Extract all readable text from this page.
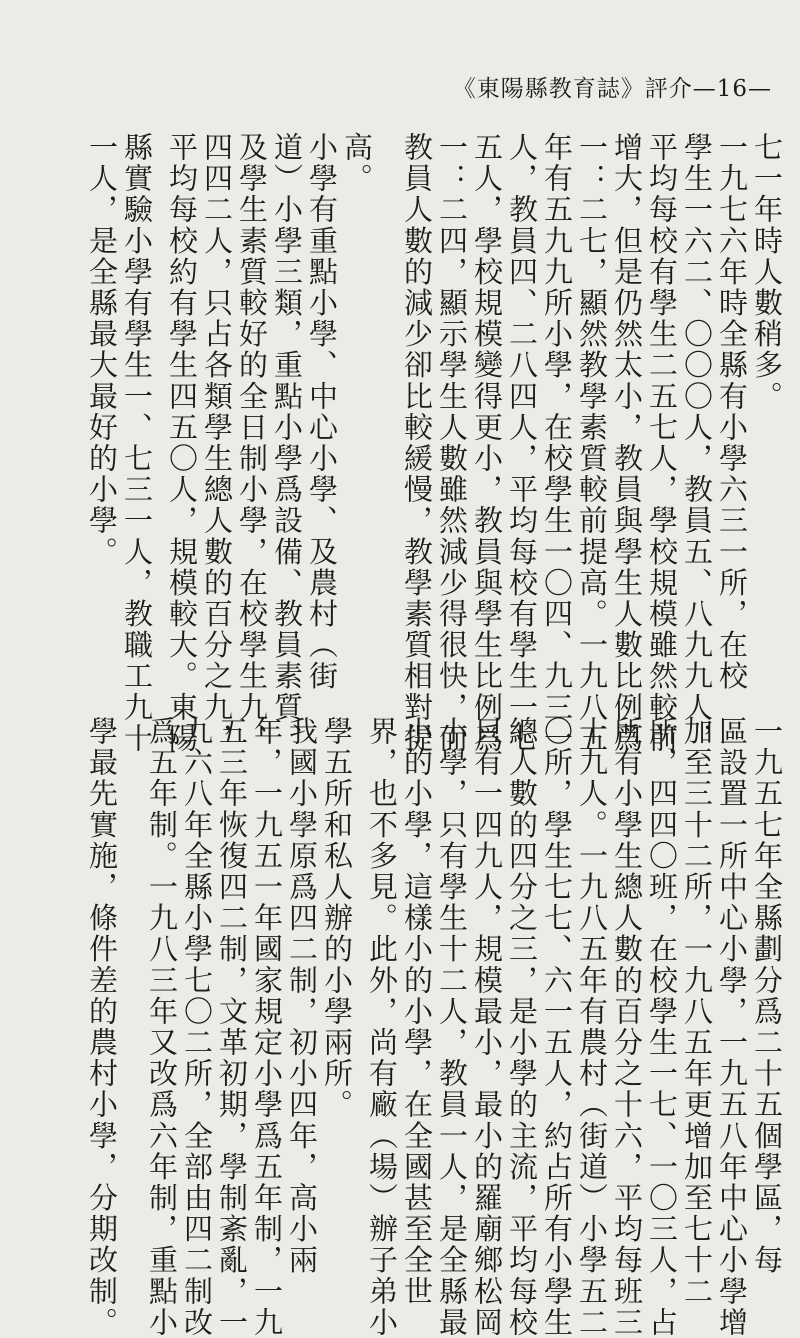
《東陽縣教育誌》評介—16—
七一年時人數稍多。
一九七六年時全縣有小學六三一所，在校
學生一六二、〇〇〇人，教員五、八九九人，
平均每校有學生二五七人，學校規模雖然較前
增大，但是仍然太小，教員與學生人數比例爲
一：二七，顯然教學素質較前提高。一九八五
年有五九九所小學，在校學生一〇四、九三一
人，教員四、二八四人，平均每校有學生一七
五人，學校規模變得更小，教員與學生比例爲
一：二四，顯示學生人數雖然減少得很快，而
教員人數的減少卻比較緩慢，教學素質相對提
高。
小學有重點小學、中心小學、及農村（街
道）小學三類，重點小學爲設備、教員素質、
及學生素質較好的全日制小學，在校學生九、
四四二人，只占各類學生總人數的百分之九，
平均每校約有學生四五〇人，規模較大。東陽
縣實驗小學有學生一、七三一人，教職工九十
一人，是全縣最大最好的小學。
一九五七年全縣劃分爲二十五個學區，每
區設置一所中心小學，一九五八年中心小學增
加至三十二所，一九八五年更增加至七十二
所，四四〇班，在校學生一七、一〇三人，占
所有小學生總人數的百分之十六，平均每班三
十九人。一九八五年有農村（街道）小學五二
〇所，學生七七、六一五人，約占所有小學生
總人數的四分之三，是小學的主流，平均每校
只有一四九人，規模最小，最小的羅廟鄉松岡
小學，只有學生十二人，教員一人，是全縣最
小的小學，這樣小的小學，在全國甚至全世
界，也不多見。此外，尚有廠（場）辦子弟小
學五所和私人辦的小學兩所。
我國小學原爲四二制，初小四年，高小兩
年，一九五一年國家規定小學爲五年制，一九
五三年恢復四二制，文革初期，學制紊亂，一
九六八年全縣小學七〇二所，全部由四二制改
爲五年制。一九八三年又改爲六年制，重點小
學最先實施，條件差的農村小學，分期改制。
